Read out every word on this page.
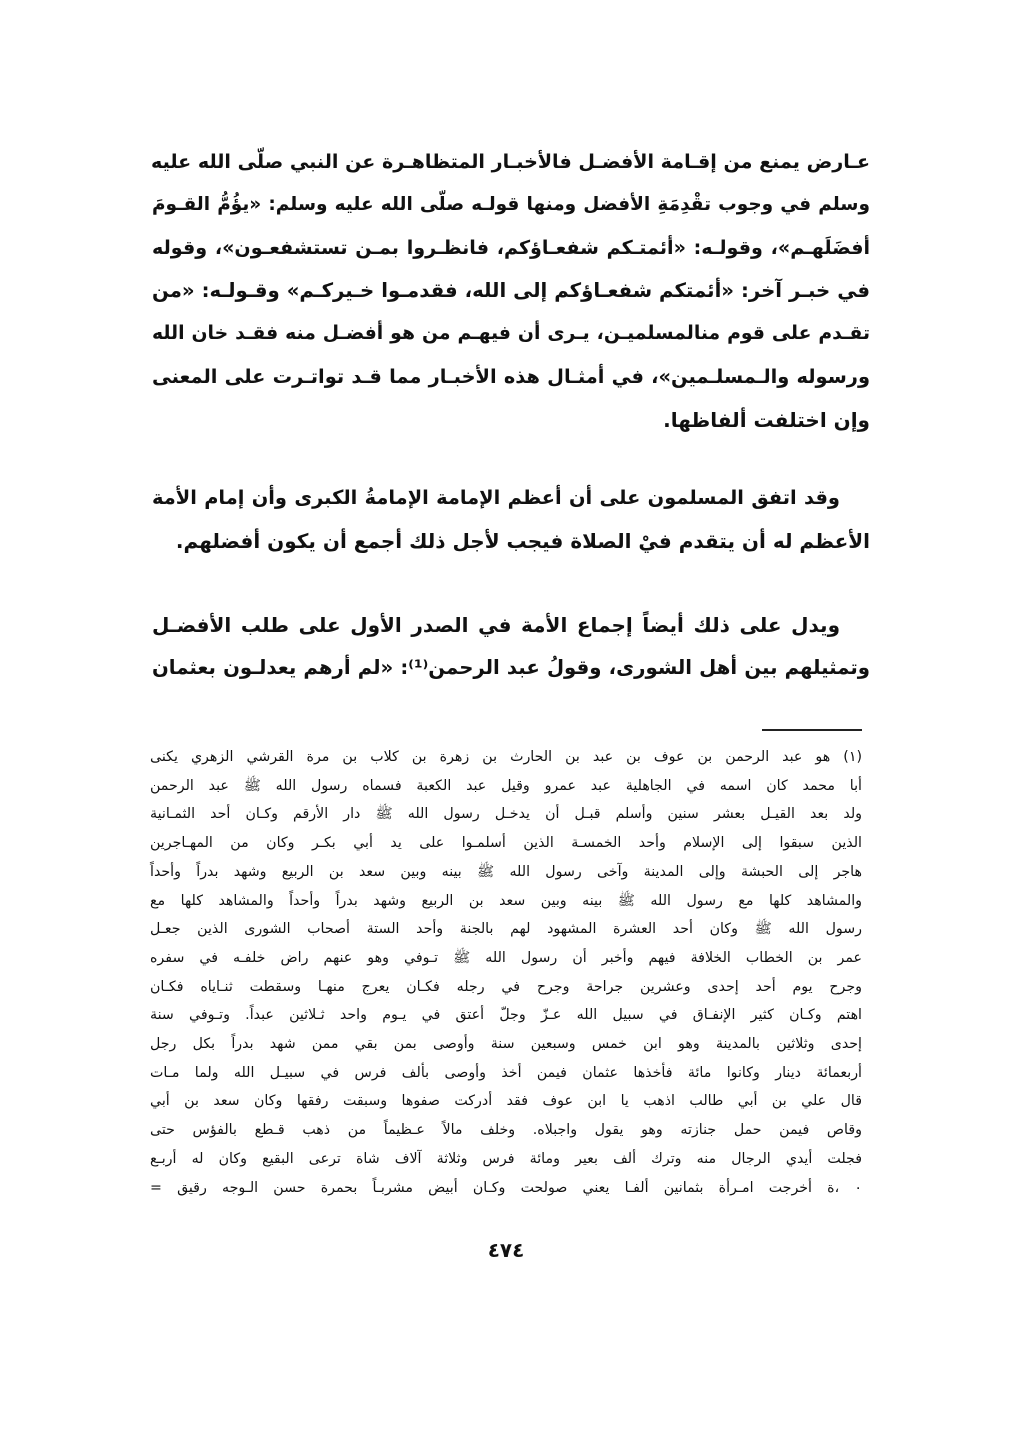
عـارض يمنع من إقـامة الأفضـل فالأخبـار المتظاهـرة عن النبي صلّى الله عليه
وسلم في وجوب تقْدِمَةِ الأفضل ومنها قولـه صلّى الله عليه وسلم: «يؤُمُّ القـومَ
أفضَلَهـم»، وقولـه: «أئمتـكم شفعـاؤكم، فانظـروا بمـن تستشفعـون»، وقوله
في خبـر آخر: «أئمتكم شفعـاؤكم إلى الله، فقدمـوا خـيركـم» وقـولـه: «من
تقـدم على قوم منالمسلميـن، يـرى أن فيهـم من هو أفضـل منه فقـد خان الله
ورسوله والـمسلـمين»، في أمثـال هذه الأخبـار مما قـد تواتـرت على المعنى
وإن اختلفت ألفاظها.
وقد اتفق المسلمون على أن أعظم الإمامة الإمامةُ الكبرى وأن إمام الأمة
الأعظم له أن يتقدم فيْ الصلاة فيجب لأجل ذلك أجمع أن يكون أفضلهم.
ويدل على ذلك أيضاً إجماع الأمة في الصدر الأول على طلب الأفضـل
وتمثيلهم بين أهل الشورى، وقولُ عبد الرحمن⁽¹⁾: «لم أرهم يعدلـون بعثمان
(١) هو عبد الرحمن بن عوف بن عبد بن الحارث بن زهرة بن كلاب بن مرة القرشي الزهري يكنى
أبا محمد كان اسمه في الجاهلية عبد عمرو وقيل عبد الكعبة فسماه رسول الله ﷺ عبد الرحمن
ولد بعد القيـل بعشر سنين وأسلم قبـل أن يدخـل رسول الله ﷺ دار الأرقم وكـان أحد الثمـانية
الذين سبقوا إلى الإسلام وأحد الخمسـة الذين أسلمـوا على يد أبي بكـر وكان من المهـاجرين
هاجر إلى الحبشة وإلى المدينة وآخى رسول الله ﷺ بينه وبين سعد بن الربيع وشهد بدراً وأحداً
والمشاهد كلها مع رسول الله ﷺ بينه وبين سعد بن الربيع وشهد بدراً وأحداً والمشاهد كلها مع
رسول الله ﷺ وكان أحد العشرة المشهود لهم بالجنة وأحد الستة أصحاب الشورى الذين جعـل
عمر بن الخطاب الخلافة فيهم وأخبر أن رسول الله ﷺ تـوفي وهو عنهم راض خلفـه في سفره
وجرح يوم أحد إحدى وعشرين جراحة وجرح في رجله فكـان يعرج منهـا وسقطت ثنـاياه فكـان
اهتم وكـان كثير الإنفـاق في سبيل الله عـزّ وجلّ أعتق في يـوم واحد ثـلاثين عبداً. وتـوفي سنة
إحدى وثلاثين بالمدينة وهو ابن خمس وسبعين سنة وأوصى بمن بقي ممن شهد بدراً بكل رجل
أربعمائة دينار وكانوا مائة فأخذها عثمان فيمن أخذ وأوصى بألف فرس في سبيـل الله ولما مـات
قال علي بن أبي طالب اذهب يا ابن عوف فقد أدركت صفوها وسبقت رفقها وكان سعد بن أبي
وقاص فيمن حمل جنازته وهو يقول واجبلاه. وخلف مالاً عـظيماً من ذهب قـطع بالفؤس حتى
فجلت أيدي الرجال منه وترك ألف بعير ومائة فرس وثلاثة آلاف شاة ترعى البقيع وكان له أربـع
٠ ،ة أخرجت امـرأة بثمانين ألفـا يعني صولحت وكـان أبيض مشربـاً بحمرة حسن الـوجه رقيق =
٤٧٤
